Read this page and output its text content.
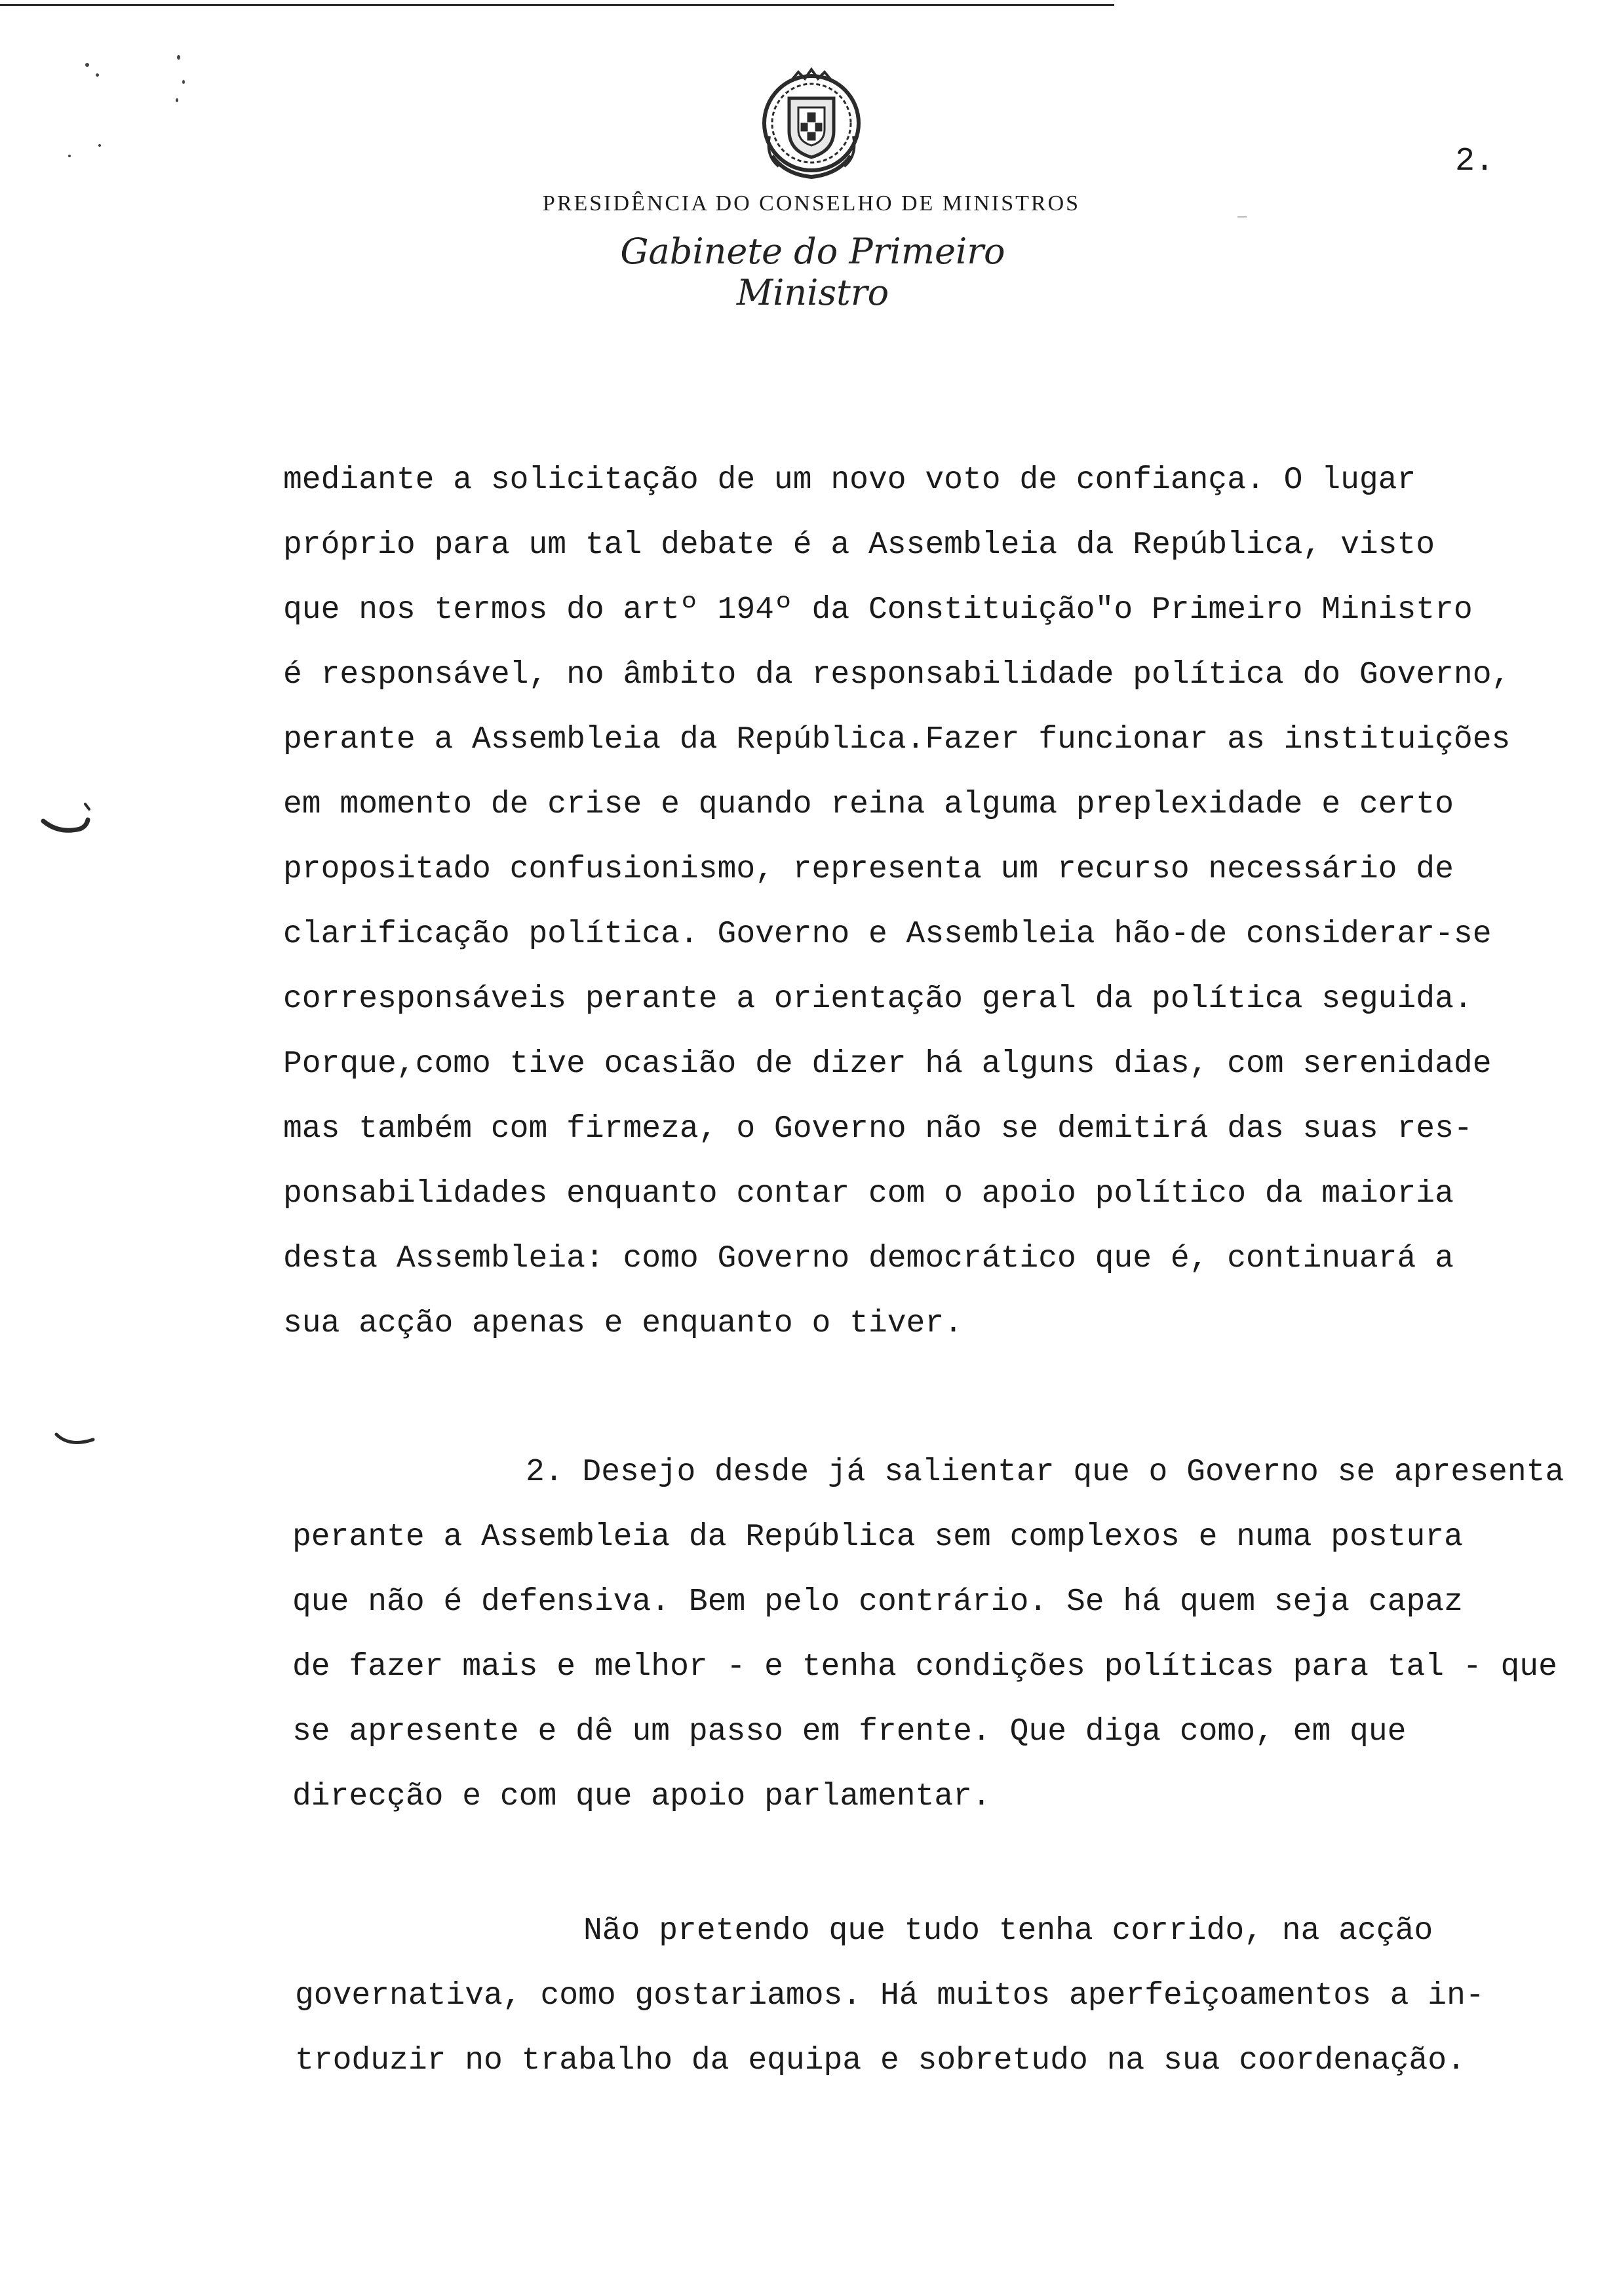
2.
PRESIDÊNCIA DO CONSELHO DE MINISTROS
Gabinete do Primeiro Ministro
mediante a solicitação de um novo voto de confiança. O lugar
próprio para um tal debate é a Assembleia da República, visto
que nos termos do artº 194º da Constituição"o Primeiro Ministro
é responsável, no âmbito da responsabilidade política do Governo,
perante a Assembleia da República.Fazer funcionar as instituições
em momento de crise e quando reina alguma preplexidade e certo
propositado confusionismo, representa um recurso necessário de
clarificação política. Governo e Assembleia hão-de considerar-se
corresponsáveis perante a orientação geral da política seguida.
Porque,como tive ocasião de dizer há alguns dias, com serenidade
mas também com firmeza, o Governo não se demitirá das suas res-
ponsabilidades enquanto contar com o apoio político da maioria
desta Assembleia: como Governo democrático que é, continuará a
sua acção apenas e enquanto o tiver.
2. Desejo desde já salientar que o Governo se apresenta
perante a Assembleia da República sem complexos e numa postura
que não é defensiva. Bem pelo contrário. Se há quem seja capaz
de fazer mais e melhor - e tenha condições políticas para tal - que
se apresente e dê um passo em frente. Que diga como, em que
direcção e com que apoio parlamentar.
Não pretendo que tudo tenha corrido, na acção
governativa, como gostariamos. Há muitos aperfeiçoamentos a in-
troduzir no trabalho da equipa e sobretudo na sua coordenação.
